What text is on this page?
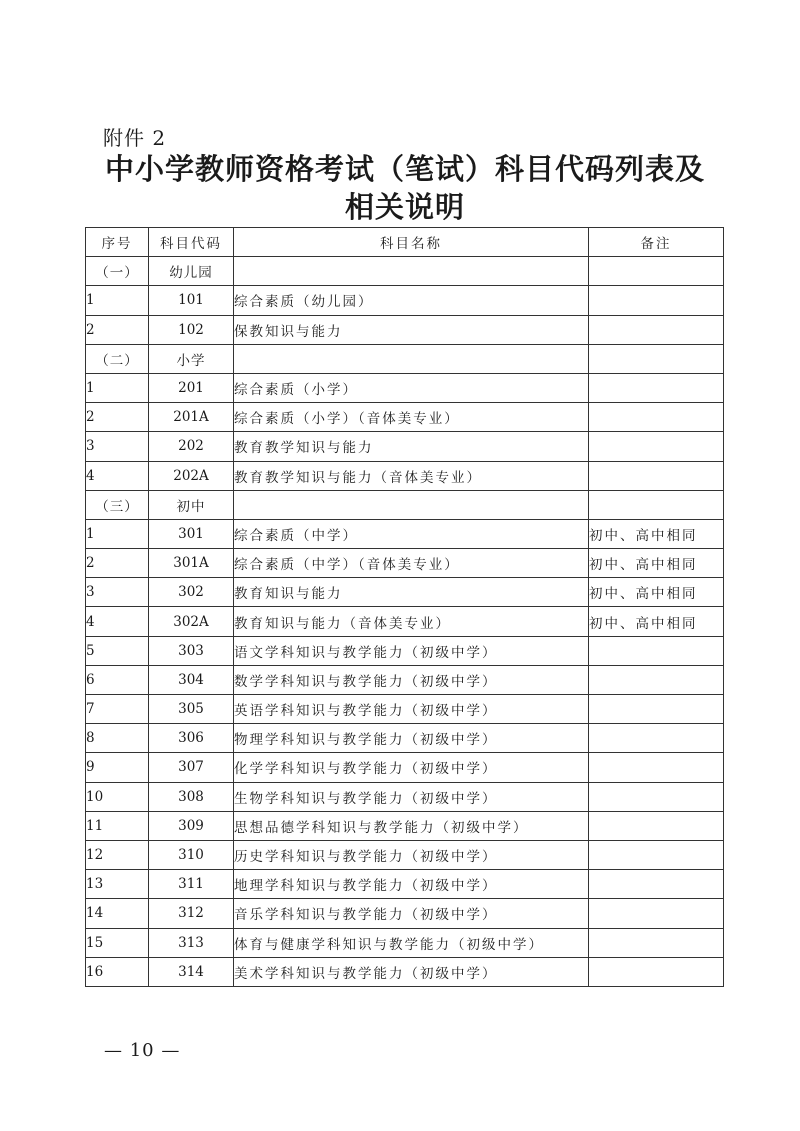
附件 2
中小学教师资格考试（笔试）科目代码列表及
相关说明
序号	科目代码	科目名称	备注
（一）	幼儿园		
1	101	综合素质（幼儿园）	
2	102	保教知识与能力	
（二）	小学		
1	201	综合素质（小学）	
2	201A	综合素质（小学）（音体美专业）	
3	202	教育教学知识与能力	
4	202A	教育教学知识与能力（音体美专业）	
（三）	初中		
1	301	综合素质（中学）	初中、高中相同
2	301A	综合素质（中学）（音体美专业）	初中、高中相同
3	302	教育知识与能力	初中、高中相同
4	302A	教育知识与能力（音体美专业）	初中、高中相同
5	303	语文学科知识与教学能力（初级中学）	
6	304	数学学科知识与教学能力（初级中学）	
7	305	英语学科知识与教学能力（初级中学）	
8	306	物理学科知识与教学能力（初级中学）	
9	307	化学学科知识与教学能力（初级中学）	
10	308	生物学科知识与教学能力（初级中学）	
11	309	思想品德学科知识与教学能力（初级中学）	
12	310	历史学科知识与教学能力（初级中学）	
13	311	地理学科知识与教学能力（初级中学）	
14	312	音乐学科知识与教学能力（初级中学）	
15	313	体育与健康学科知识与教学能力（初级中学）	
16	314	美术学科知识与教学能力（初级中学）	
— 10 —
